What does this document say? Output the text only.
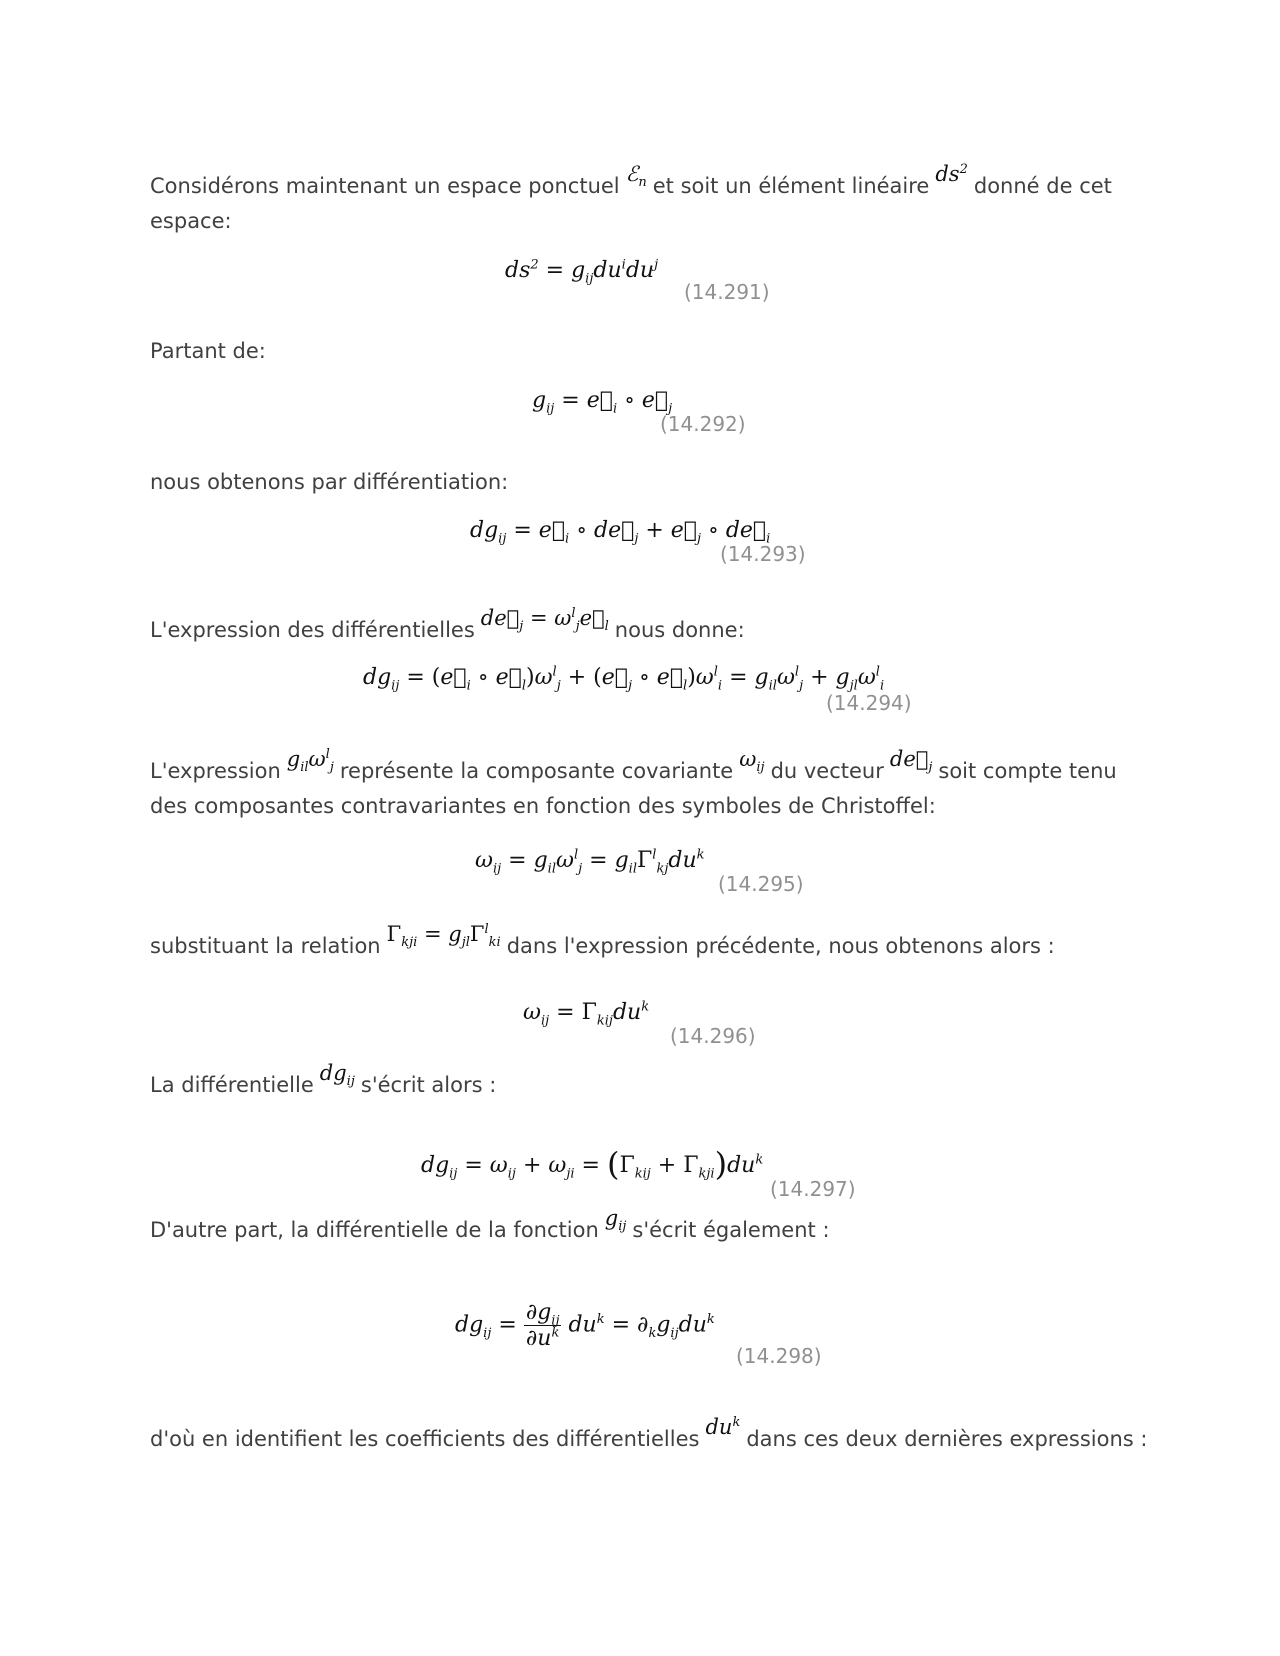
Considérons maintenant un espace ponctuel ℰ$_n$ et soit un élément linéaire $ds^2donné$ de cet espace:

$ds^2 = g_{ij}du^idu^j$
(14.291)

Partant de:

$g_{ij}$ = $e⃗_i$ ∘ $e⃗_j$
(14.292)

nous obtenons par différentiation:

$dg_{ij}$ = $e⃗_i$ ∘ $de⃗_j$ + $e⃗_j$ ∘ $de⃗_i$
(14.293)

L'expression des différentielles $de⃗_j$ = $\omega^l_je⃗_l$ nous donne:

$dg_{ij}$ = ($e⃗_i$ ∘ $e⃗_l)\omega^l_j$ + ($e⃗_j$ ∘ $e⃗_l)\omega^l_i = g_{il}\omega^l_j + g_{jl}\omega^l_i$
(14.294)

L'expression $g_{il}\omega^l_j$ représente la composante covariante $\omega_{ij}$ du vecteur $de⃗_j$ soit compte tenu des composantes contravariantes en fonction des symboles de Christoffel:

$\omega_{ij} = g_{il}\omega^l_j = g_{il}\Gamma^l_{kj}du^k$
(14.295)

substituant la relation $\Gamma_{kji} = g_{jl}\Gamma^l_{ki}$ dans l'expression précédente, nous obtenons alors :

$\omega_{ij} = \Gamma_{kij}du^k$
(14.296)

La différentielle $dg_{ij}$ s'écrit alors :

$dg_{ij} = \omega_{ij} + \omega_{ji} = (\Gamma_{kij} + \Gamma_{kji})du^k$
(14.297)

D'autre part, la différentielle de la fonction $g_{ij}$ s'écrit également :

$dg_{ij} = \frac{\partial g_{ij}}{\partial u^k} du^k = \partial_kg_{ij}du^k$
(14.298)

d'où en identifient les coefficients des différentielles $du^kdans$ ces deux dernières expressions :
